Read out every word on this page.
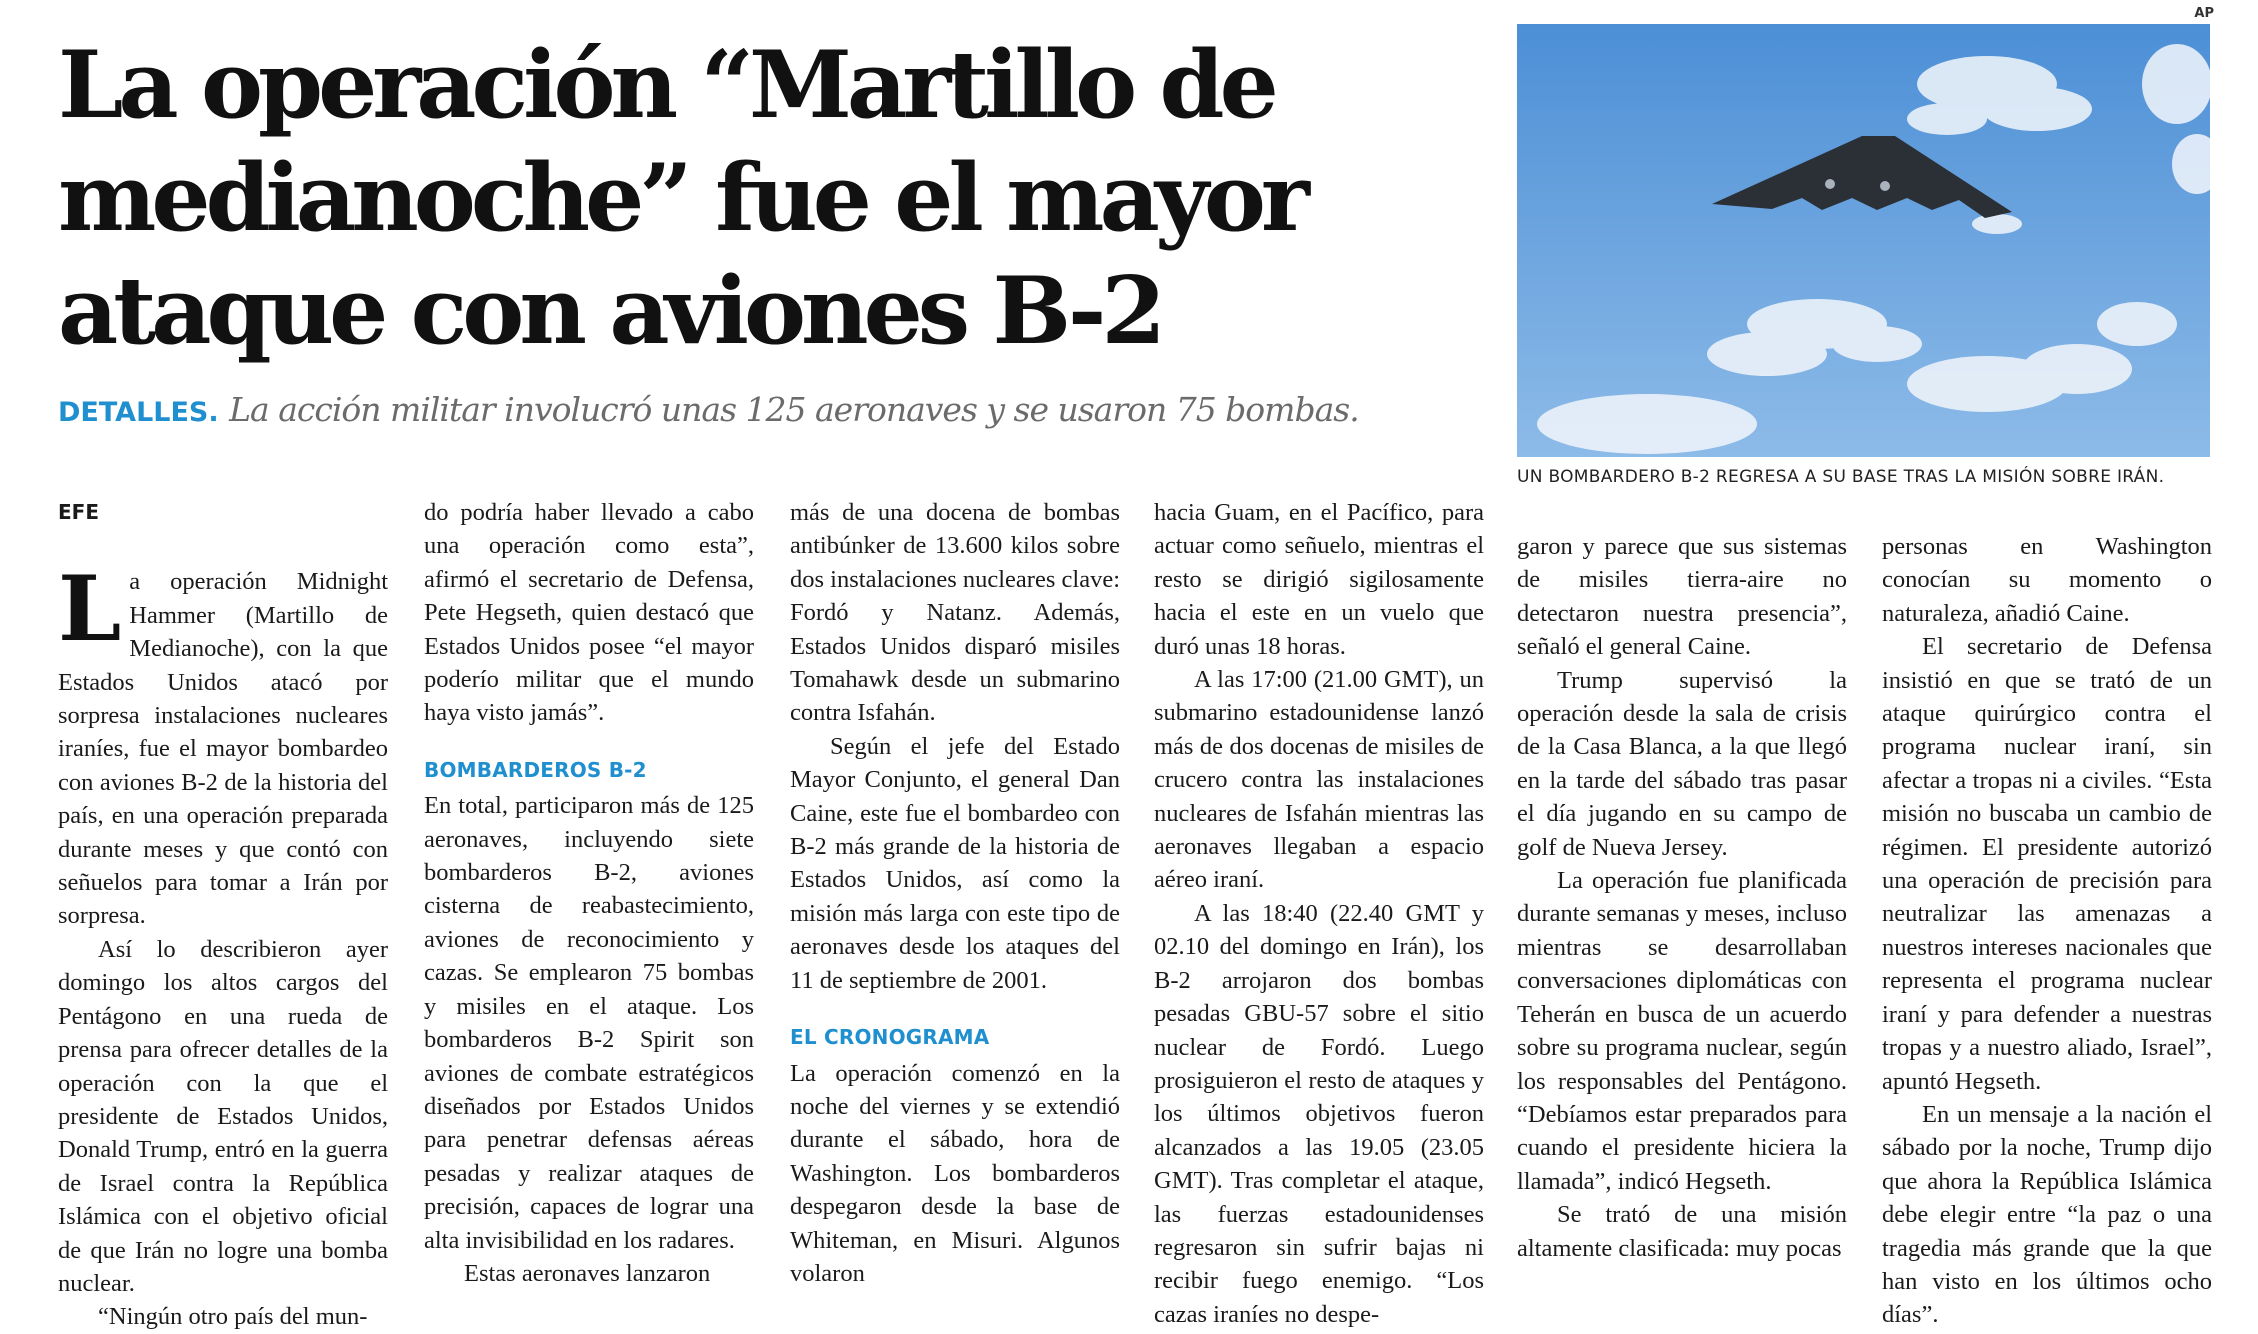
La operación “Martillo de medianoche” fue el mayor ataque con aviones B-2
DETALLES. La acción militar involucró unas 125 aeronaves y se usaron 75 bombas.
AP
UN BOMBARDERO B-2 REGRESA A SU BASE TRAS LA MISIÓN SOBRE IRÁN.
EFE

La operación Midnight Hammer (Martillo de Medianoche), con la que Estados Unidos atacó por sorpresa instalaciones nucleares iraníes, fue el mayor bombardeo con aviones B-2 de la historia del país, en una operación preparada durante meses y que contó con señuelos para tomar a Irán por sorpresa.

Así lo describieron ayer domingo los altos cargos del Pentágono en una rueda de prensa para ofrecer detalles de la operación con la que el presidente de Estados Unidos, Donald Trump, entró en la guerra de Israel contra la República Islámica con el objetivo oficial de que Irán no logre una bomba nuclear.

“Ningún otro país del mun-

do podría haber llevado a cabo una operación como esta”, afirmó el secretario de Defensa, Pete Hegseth, quien destacó que Estados Unidos posee “el mayor poderío militar que el mundo haya visto jamás”.

BOMBARDEROS B-2

En total, participaron más de 125 aeronaves, incluyendo siete bombarderos B-2, aviones cisterna de reabastecimiento, aviones de reconocimiento y cazas. Se emplearon 75 bombas y misiles en el ataque. Los bombarderos B-2 Spirit son aviones de combate estratégicos diseñados por Estados Unidos para penetrar defensas aéreas pesadas y realizar ataques de precisión, capaces de lograr una alta invisibilidad en los radares.

Estas aeronaves lanzaron

más de una docena de bombas antibúnker de 13.600 kilos sobre dos instalaciones nucleares clave: Fordó y Natanz. Además, Estados Unidos disparó misiles Tomahawk desde un submarino contra Isfahán.

Según el jefe del Estado Mayor Conjunto, el general Dan Caine, este fue el bombardeo con B-2 más grande de la historia de Estados Unidos, así como la misión más larga con este tipo de aeronaves desde los ataques del 11 de septiembre de 2001.

EL CRONOGRAMA

La operación comenzó en la noche del viernes y se extendió durante el sábado, hora de Washington. Los bombarderos despegaron desde la base de Whiteman, en Misuri. Algunos volaron

hacia Guam, en el Pacífico, para actuar como señuelo, mientras el resto se dirigió sigilosamente hacia el este en un vuelo que duró unas 18 horas.

A las 17:00 (21.00 GMT), un submarino estadounidense lanzó más de dos docenas de misiles de crucero contra las instalaciones nucleares de Isfahán mientras las aeronaves llegaban a espacio aéreo iraní.

A las 18:40 (22.40 GMT y 02.10 del domingo en Irán), los B-2 arrojaron dos bombas pesadas GBU-57 sobre el sitio nuclear de Fordó. Luego prosiguieron el resto de ataques y los últimos objetivos fueron alcanzados a las 19.05 (23.05 GMT). Tras completar el ataque, las fuerzas estadounidenses regresaron sin sufrir bajas ni recibir fuego enemigo. “Los cazas iraníes no despe-

garon y parece que sus sistemas de misiles tierra-aire no detectaron nuestra presencia”, señaló el general Caine.

Trump supervisó la operación desde la sala de crisis de la Casa Blanca, a la que llegó en la tarde del sábado tras pasar el día jugando en su campo de golf de Nueva Jersey.

La operación fue planificada durante semanas y meses, incluso mientras se desarrollaban conversaciones diplomáticas con Teherán en busca de un acuerdo sobre su programa nuclear, según los responsables del Pentágono. “Debíamos estar preparados para cuando el presidente hiciera la llamada”, indicó Hegseth.

Se trató de una misión altamente clasificada: muy pocas

personas en Washington conocían su momento o naturaleza, añadió Caine.

El secretario de Defensa insistió en que se trató de un ataque quirúrgico contra el programa nuclear iraní, sin afectar a tropas ni a civiles. “Esta misión no buscaba un cambio de régimen. El presidente autorizó una operación de precisión para neutralizar las amenazas a nuestros intereses nacionales que representa el programa nuclear iraní y para defender a nuestras tropas y a nuestro aliado, Israel”, apuntó Hegseth.

En un mensaje a la nación el sábado por la noche, Trump dijo que ahora la República Islámica debe elegir entre “la paz o una tragedia más grande que la que han visto en los últimos ocho días”.
